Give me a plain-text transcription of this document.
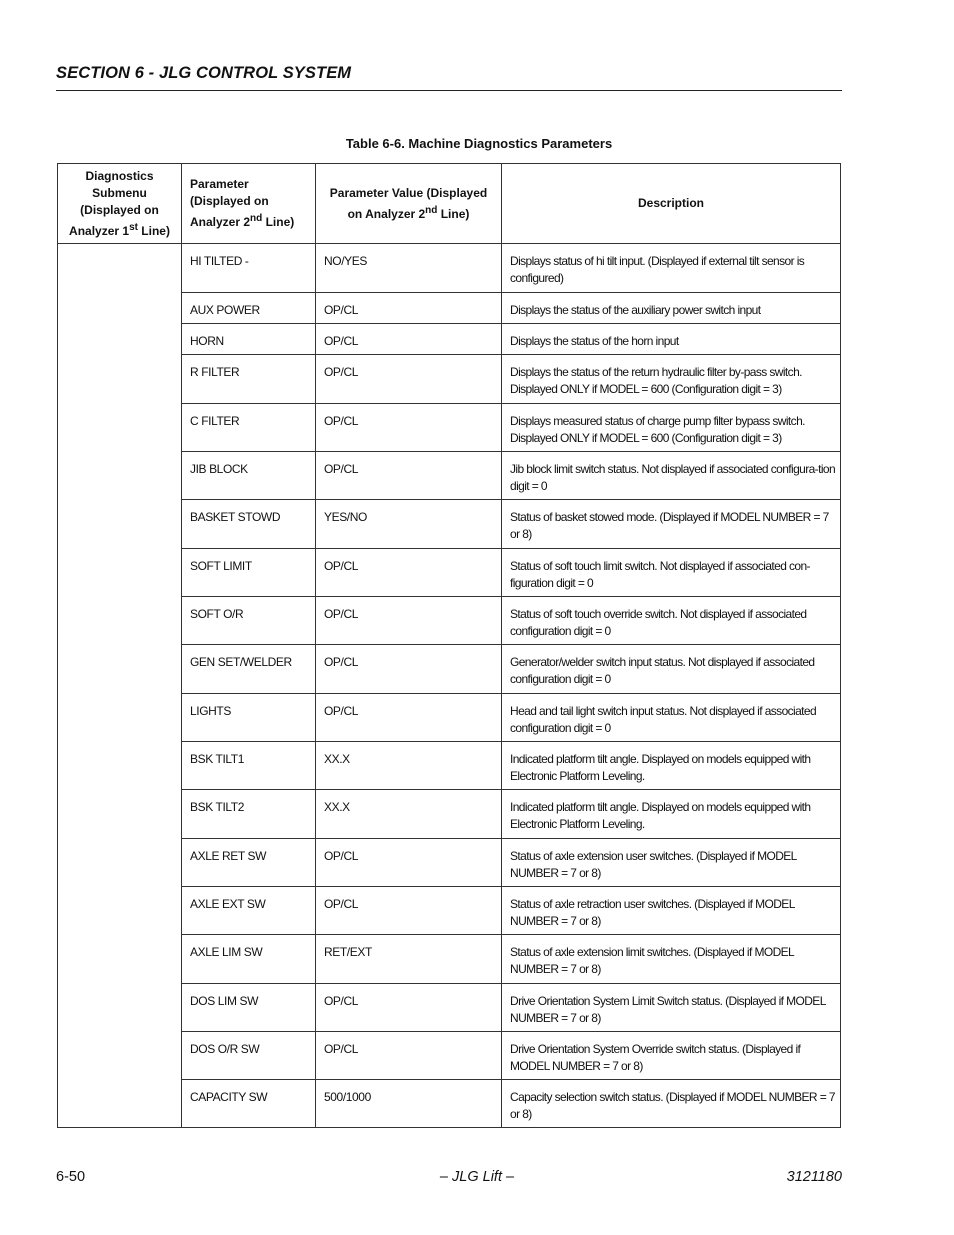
SECTION 6 - JLG CONTROL SYSTEM
Table 6-6. Machine Diagnostics Parameters
Diagnostics Submenu (Displayed on Analyzer 1st Line)	Parameter (Displayed on Analyzer 2nd Line)	Parameter Value (Displayed on Analyzer 2nd Line)	Description
	HI TILTED -	NO/YES	Displays status of hi tilt input. (Displayed if external tilt sensor is configured)
	AUX POWER	OP/CL	Displays the status of the auxiliary power switch input
	HORN	OP/CL	Displays the status of the horn input
	R FILTER	OP/CL	Displays the status of the return hydraulic filter by-pass switch. Displayed ONLY if MODEL = 600 (Configuration digit = 3)
	C FILTER	OP/CL	Displays measured status of charge pump filter bypass switch. Displayed ONLY if MODEL = 600 (Configuration digit = 3)
	JIB BLOCK	OP/CL	Jib block limit switch status. Not displayed if associated configura-tion digit = 0
	BASKET STOWD	YES/NO	Status of basket stowed mode. (Displayed if MODEL NUMBER = 7 or 8)
	SOFT LIMIT	OP/CL	Status of soft touch limit switch. Not displayed if associated con-figuration digit = 0
	SOFT O/R	OP/CL	Status of soft touch override switch. Not displayed if associated configuration digit = 0
	GEN SET/WELDER	OP/CL	Generator/welder switch input status. Not displayed if associated configuration digit = 0
	LIGHTS	OP/CL	Head and tail light switch input status. Not displayed if associated configuration digit = 0
	BSK TILT1	XX.X	Indicated platform tilt angle. Displayed on models equipped with Electronic Platform Leveling.
	BSK TILT2	XX.X	Indicated platform tilt angle. Displayed on models equipped with Electronic Platform Leveling.
	AXLE RET SW	OP/CL	Status of axle extension user switches. (Displayed if MODEL NUMBER = 7 or 8)
	AXLE EXT SW	OP/CL	Status of axle retraction user switches. (Displayed if MODEL NUMBER = 7 or 8)
	AXLE LIM SW	RET/EXT	Status of axle extension limit switches. (Displayed if MODEL NUMBER = 7 or 8)
	DOS LIM SW	OP/CL	Drive Orientation System Limit Switch status. (Displayed if MODEL NUMBER = 7 or 8)
	DOS O/R SW	OP/CL	Drive Orientation System Override switch status. (Displayed if MODEL NUMBER = 7 or 8)
	CAPACITY SW	500/1000	Capacity selection switch status. (Displayed if MODEL NUMBER = 7 or 8)
6-50	– JLG Lift –	3121180
